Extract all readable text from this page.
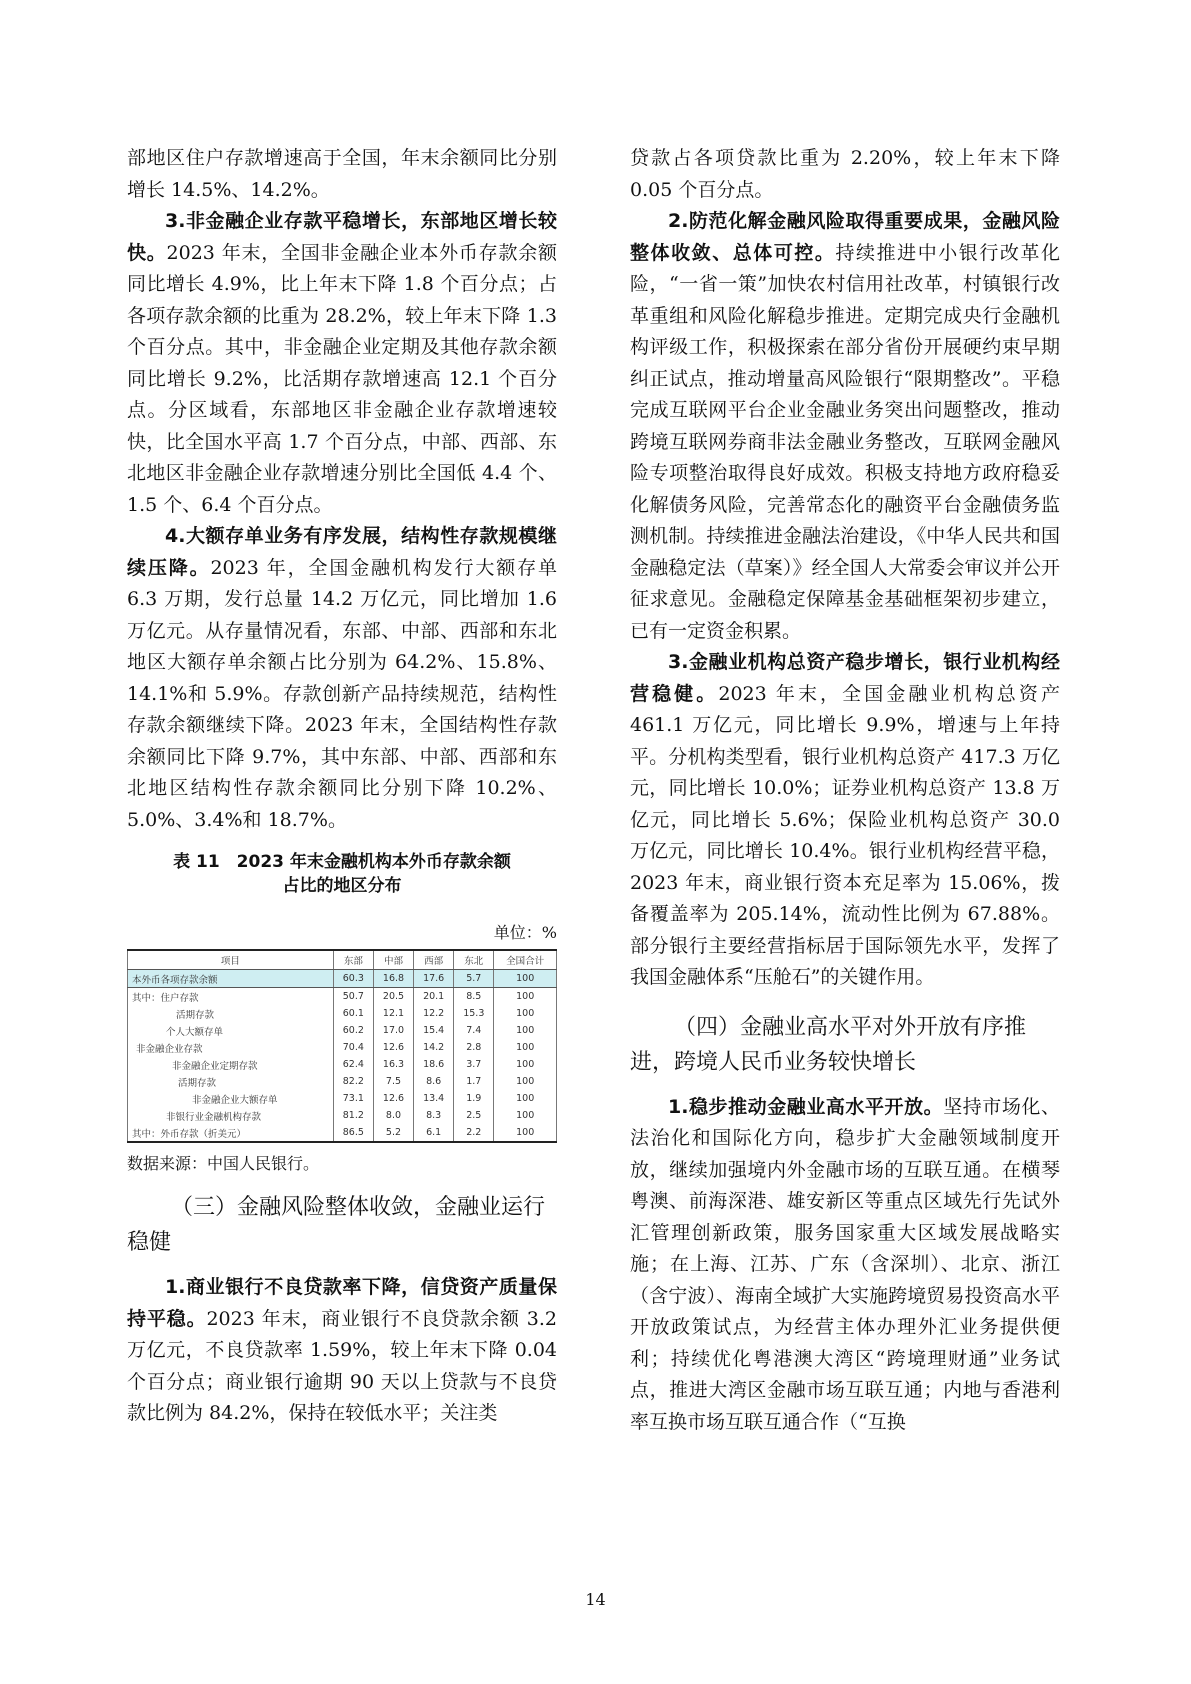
部地区住户存款增速高于全国，年末余额同比分别增长 14.5%、14.2%。

3.非金融企业存款平稳增长，东部地区增长较快。2023 年末，全国非金融企业本外币存款余额同比增长 4.9%，比上年末下降 1.8 个百分点；占各项存款余额的比重为 28.2%，较上年末下降 1.3 个百分点。其中，非金融企业定期及其他存款余额同比增长 9.2%，比活期存款增速高 12.1 个百分点。分区域看，东部地区非金融企业存款增速较快，比全国水平高 1.7 个百分点，中部、西部、东北地区非金融企业存款增速分别比全国低 4.4 个、1.5 个、6.4 个百分点。

4.大额存单业务有序发展，结构性存款规模继续压降。2023 年，全国金融机构发行大额存单 6.3 万期，发行总量 14.2 万亿元，同比增加 1.6 万亿元。从存量情况看，东部、中部、西部和东北地区大额存单余额占比分别为 64.2%、15.8%、14.1%和 5.9%。存款创新产品持续规范，结构性存款余额继续下降。2023 年末，全国结构性存款余额同比下降 9.7%，其中东部、中部、西部和东北地区结构性存款余额同比分别下降 10.2%、5.0%、3.4%和 18.7%。

表 11　2023 年末金融机构本外币存款余额
占比的地区分布
单位：%
项目	东部	中部	西部	东北	全国合计
本外币各项存款余额	60.3	16.8	17.6	5.7	100
其中：住户存款	50.7	20.5	20.1	8.5	100
活期存款	60.1	12.1	12.2	15.3	100
个人大额存单	60.2	17.0	15.4	7.4	100
非金融企业存款	70.4	12.6	14.2	2.8	100
非金融企业定期存款	62.4	16.3	18.6	3.7	100
活期存款	82.2	7.5	8.6	1.7	100
非金融企业大额存单	73.1	12.6	13.4	1.9	100
非银行业金融机构存款	81.2	8.0	8.3	2.5	100
其中：外币存款（折美元）	86.5	5.2	6.1	2.2	100
数据来源：中国人民银行。
（三）金融风险整体收敛，金融业运行稳健

1.商业银行不良贷款率下降，信贷资产质量保持平稳。2023 年末，商业银行不良贷款余额 3.2 万亿元，不良贷款率 1.59%，较上年末下降 0.04 个百分点；商业银行逾期 90 天以上贷款与不良贷款比例为 84.2%，保持在较低水平；关注类

贷款占各项贷款比重为 2.20%，较上年末下降 0.05 个百分点。

2.防范化解金融风险取得重要成果，金融风险整体收敛、总体可控。持续推进中小银行改革化险，“一省一策”加快农村信用社改革，村镇银行改革重组和风险化解稳步推进。定期完成央行金融机构评级工作，积极探索在部分省份开展硬约束早期纠正试点，推动增量高风险银行“限期整改”。平稳完成互联网平台企业金融业务突出问题整改，推动跨境互联网券商非法金融业务整改，互联网金融风险专项整治取得良好成效。积极支持地方政府稳妥化解债务风险，完善常态化的融资平台金融债务监测机制。持续推进金融法治建设，《中华人民共和国金融稳定法（草案）》经全国人大常委会审议并公开征求意见。金融稳定保障基金基础框架初步建立，已有一定资金积累。

3.金融业机构总资产稳步增长，银行业机构经营稳健。2023 年末，全国金融业机构总资产 461.1 万亿元，同比增长 9.9%，增速与上年持平。分机构类型看，银行业机构总资产 417.3 万亿元，同比增长 10.0%；证券业机构总资产 13.8 万亿元，同比增长 5.6%；保险业机构总资产 30.0 万亿元，同比增长 10.4%。银行业机构经营平稳，2023 年末，商业银行资本充足率为 15.06%，拨备覆盖率为 205.14%，流动性比例为 67.88%。部分银行主要经营指标居于国际领先水平，发挥了我国金融体系“压舱石”的关键作用。

（四）金融业高水平对外开放有序推进，跨境人民币业务较快增长

1.稳步推动金融业高水平开放。坚持市场化、法治化和国际化方向，稳步扩大金融领域制度开放，继续加强境内外金融市场的互联互通。在横琴粤澳、前海深港、雄安新区等重点区域先行先试外汇管理创新政策，服务国家重大区域发展战略实施；在上海、江苏、广东（含深圳）、北京、浙江（含宁波）、海南全域扩大实施跨境贸易投资高水平开放政策试点，为经营主体办理外汇业务提供便利；持续优化粤港澳大湾区“跨境理财通”业务试点，推进大湾区金融市场互联互通；内地与香港利率互换市场互联互通合作（“互换

14
